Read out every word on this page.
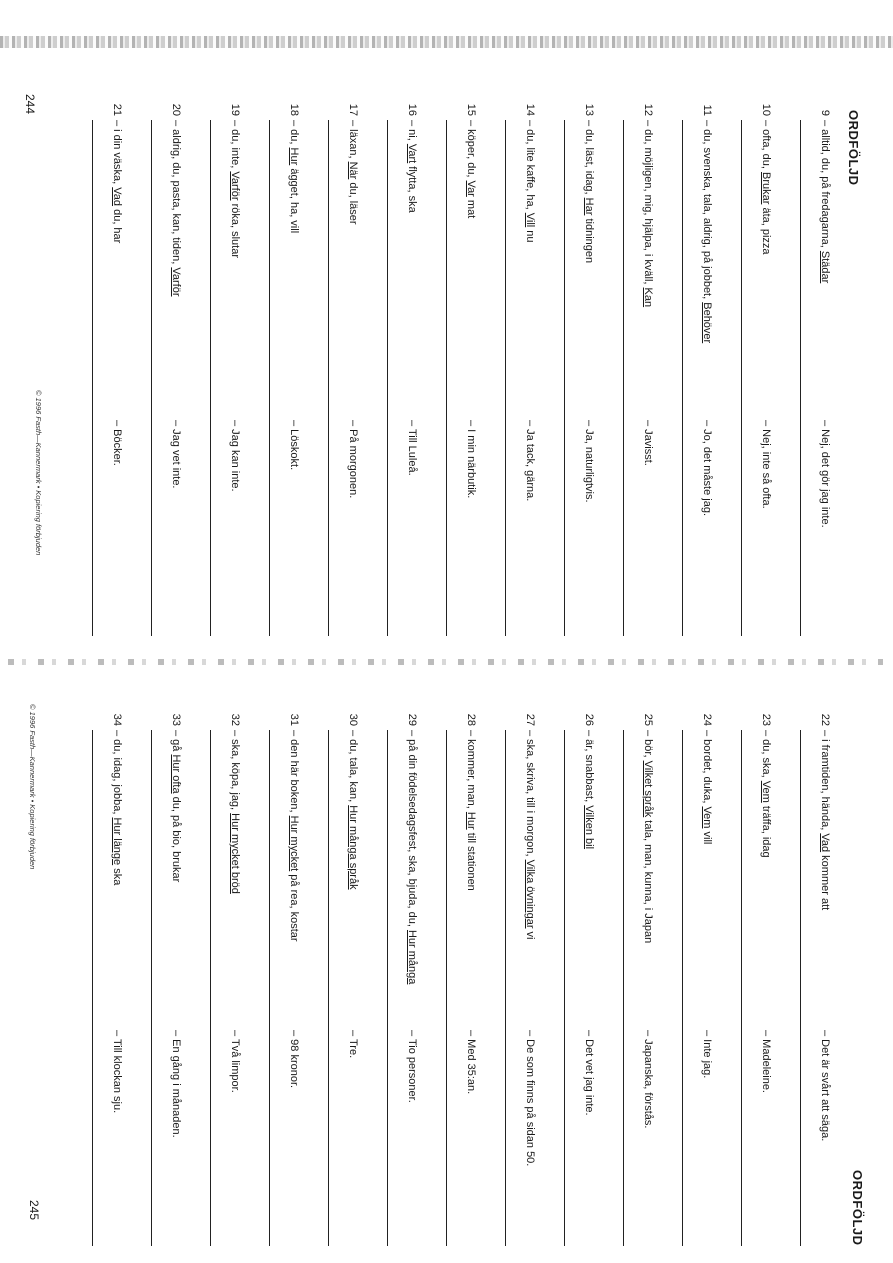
ORDFÖLJD
9
– alltid, du, på fredagarna, Städar
– Nej, det gör jag inte.
10
– ofta, du, Brukar äta, pizza
– Nej, inte så ofta.
11
– du, svenska, tala, aldrig, på jobbet, Behöver
– Jo, det måste jag.
12
– du, möjligen, mig, hjälpa, i kväll, Kan
– Javisst.
13
– du, läst, idag, Har tidningen
– Ja, naturligtvis.
14
– du, lite kaffe, ha, Vill nu
– Ja tack, gärna.
15
– köper, du, Var mat
– I min närbutik.
16
– ni, Vart flytta, ska
– Till Luleå.
17
– läxan, När du, läser
– På morgonen.
18
– du, Hur ägget, ha, vill
– Löskokt.
19
– du, inte, Varför röka, slutar
– Jag kan inte.
20
– aldrig, du, pasta, kan, tiden, Varför
– Jag vet inte.
21
– i din väska, Vad du, har
– Böcker.
© 1996 Fasth—Kannermark • Kopiering förbjuden
244
ORDFÖLJD
22
– i framtiden, hända, Vad kommer att
– Det är svårt att säga.
23
– du, ska, Vem träffa, idag
– Madeleine.
24
– bordet, duka, Vem vill
– Inte jag.
25
– bör, Vilket språk tala, man, kunna, i Japan
– Japanska, förstås.
26
– är, snabbast, Vilken bil
– Det vet jag inte.
27
– ska, skriva, till i morgon, Vilka övningar vi
– De som finns på sidan 50.
28
– kommer, man, Hur till stationen
– Med 35:an.
29
– på din födelsedagsfest, ska, bjuda, du, Hur många
– Tio personer.
30
– du, tala, kan, Hur många språk
– Tre.
31
– den här boken, Hur mycket på rea, kostar
– 98 kronor.
32
– ska, köpa, jag, Hur mycket bröd
– Två limpor.
33
– gå Hur ofta du, på bio, brukar
– En gång i månaden.
34
– du, idag, jobba, Hur länge ska
– Till klockan sju.
© 1996 Fasth—Kannermark • Kopiering förbjuden
245
